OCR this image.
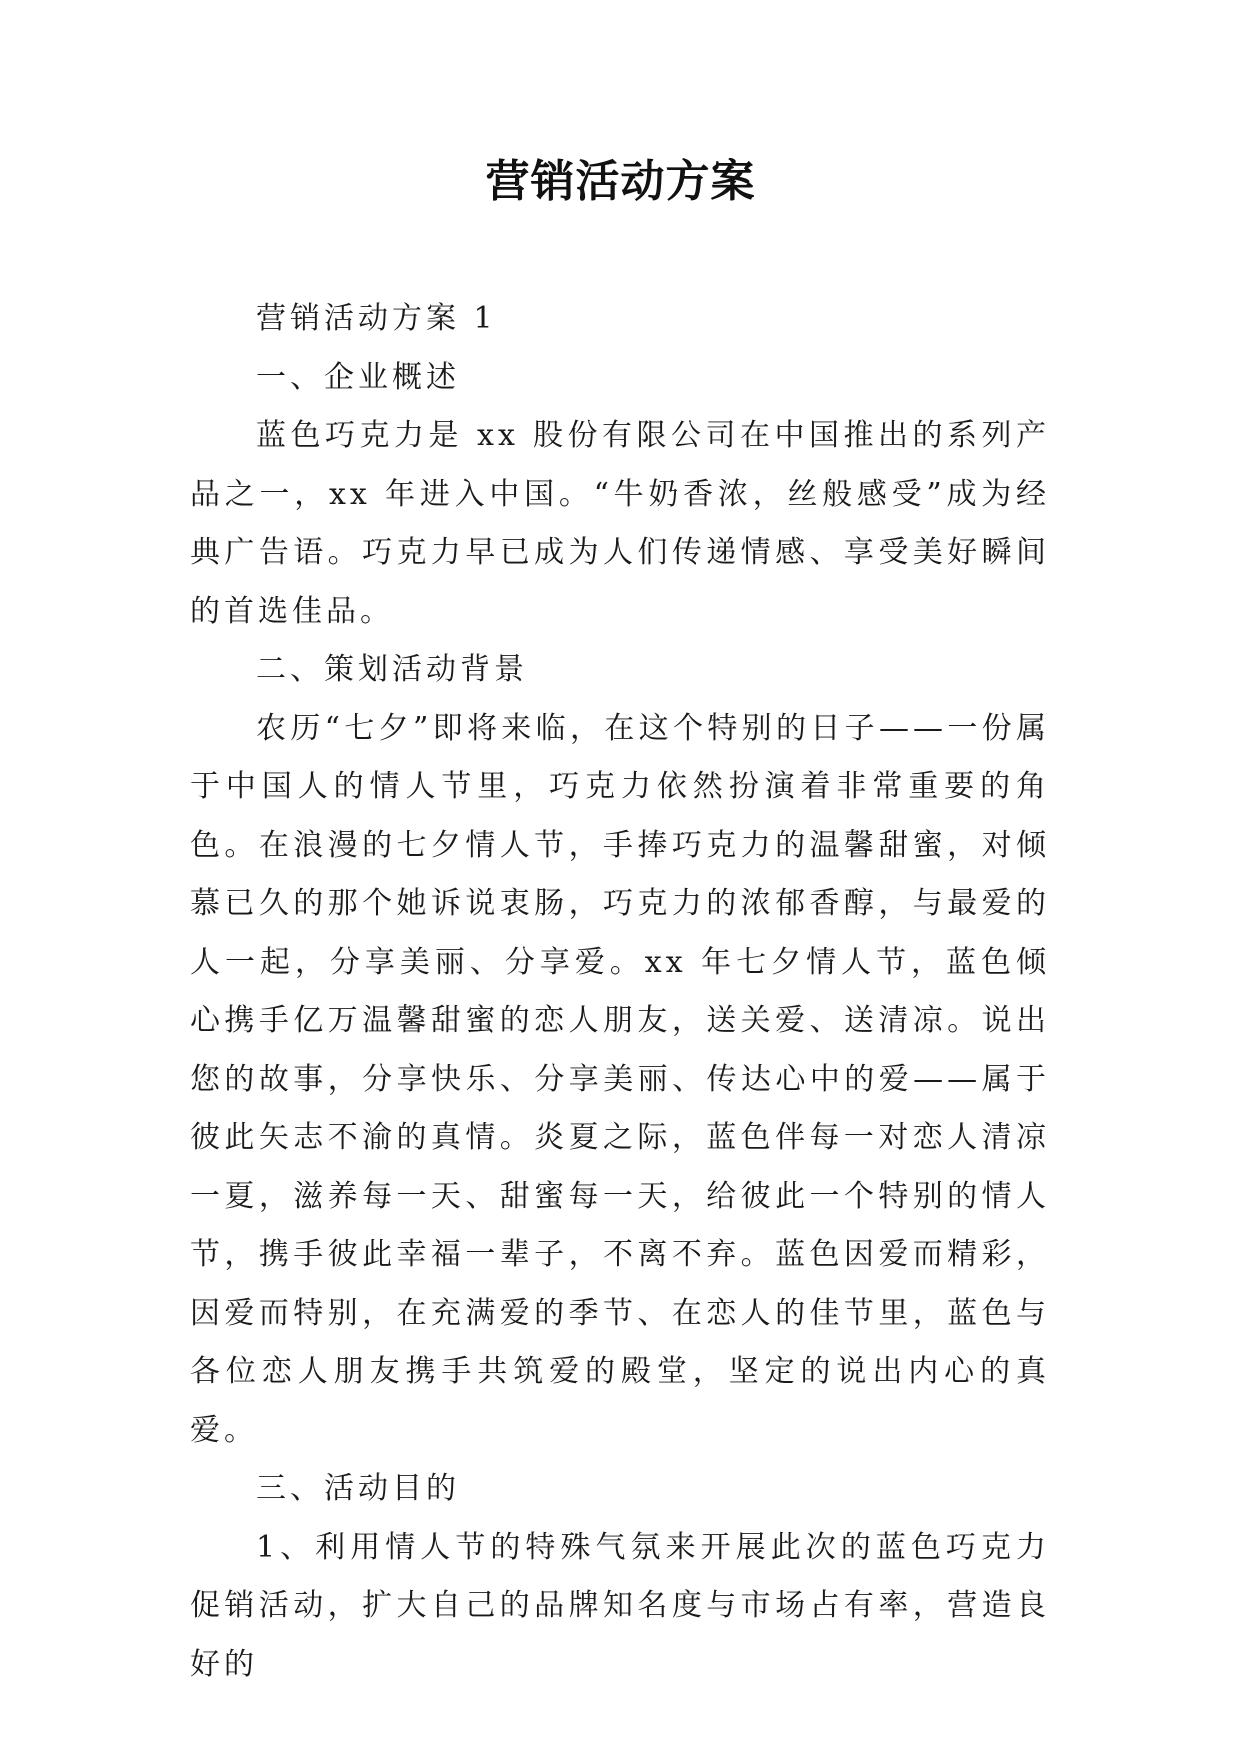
营销活动方案

营销活动方案 1

一、企业概述

蓝色巧克力是 xx 股份有限公司在中国推出的系列产品之一，xx 年进入中国。“牛奶香浓，丝般感受”成为经典广告语。巧克力早已成为人们传递情感、享受美好瞬间的首选佳品。

二、策划活动背景

农历“七夕”即将来临，在这个特别的日子——一份属于中国人的情人节里，巧克力依然扮演着非常重要的角色。在浪漫的七夕情人节，手捧巧克力的温馨甜蜜，对倾慕已久的那个她诉说衷肠，巧克力的浓郁香醇，与最爱的人一起，分享美丽、分享爱。xx 年七夕情人节，蓝色倾心携手亿万温馨甜蜜的恋人朋友，送关爱、送清凉。说出您的故事，分享快乐、分享美丽、传达心中的爱——属于彼此矢志不渝的真情。炎夏之际，蓝色伴每一对恋人清凉一夏，滋养每一天、甜蜜每一天，给彼此一个特别的情人节，携手彼此幸福一辈子，不离不弃。蓝色因爱而精彩，因爱而特别，在充满爱的季节、在恋人的佳节里，蓝色与各位恋人朋友携手共筑爱的殿堂，坚定的说出内心的真爱。

三、活动目的

1、利用情人节的特殊气氛来开展此次的蓝色巧克力促销活动，扩大自己的品牌知名度与市场占有率，营造良好的
